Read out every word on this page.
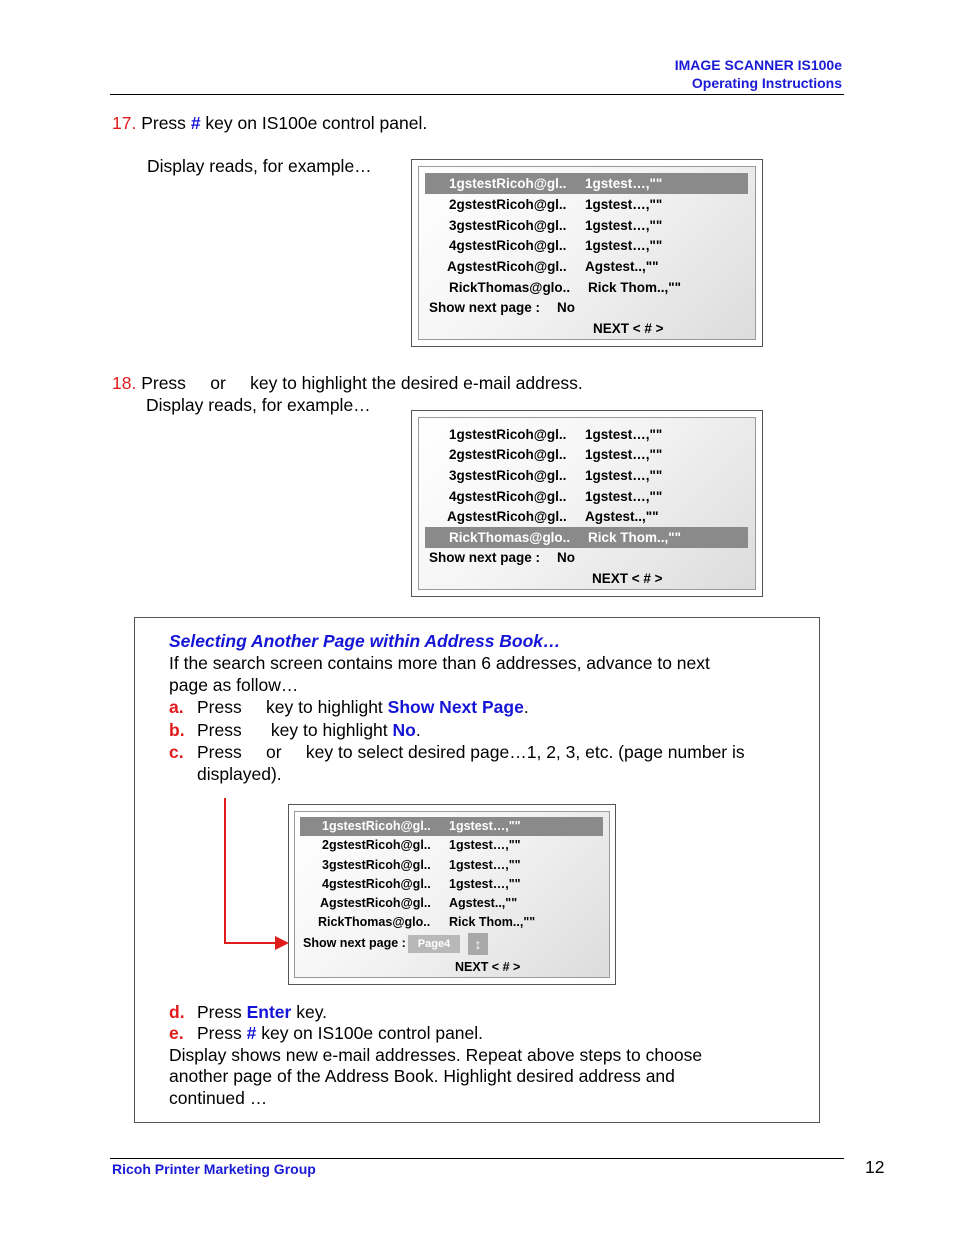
IMAGE SCANNER IS100e
Operating Instructions
17. Press # key on IS100e control panel.
Display reads, for example…
1gstestRicoh@gl.. 1gstest…,""
2gstestRicoh@gl.. 1gstest…,""
3gstestRicoh@gl.. 1gstest…,""
4gstestRicoh@gl.. 1gstest…,""
AgstestRicoh@gl.. Agstest..,""
RickThomas@glo.. Rick Thom..,""
Show next page : No
NEXT < # >
18. Press     or     key to highlight the desired e-mail address.
Display reads, for example…
1gstestRicoh@gl.. 1gstest…,""
2gstestRicoh@gl.. 1gstest…,""
3gstestRicoh@gl.. 1gstest…,""
4gstestRicoh@gl.. 1gstest…,""
AgstestRicoh@gl.. Agstest..,""
RickThomas@glo.. Rick Thom..,""
Show next page : No
NEXT < # >
Selecting Another Page within Address Book…
If the search screen contains more than 6 addresses, advance to next
page as follow…
a. Press     key to highlight Show Next Page.
b. Press      key to highlight No.
c. Press     or     key to select desired page…1, 2, 3, etc. (page number is
displayed).
1gstestRicoh@gl.. 1gstest…,""
2gstestRicoh@gl.. 1gstest…,""
3gstestRicoh@gl.. 1gstest…,""
4gstestRicoh@gl.. 1gstest…,""
AgstestRicoh@gl.. Agstest..,""
RickThomas@glo.. Rick Thom..,""
Show next page :	Page4	↕
NEXT < # >
d. Press Enter key.
e. Press # key on IS100e control panel.
Display shows new e-mail addresses. Repeat above steps to choose
another page of the Address Book. Highlight desired address and
continued …
Ricoh Printer Marketing Group	12
